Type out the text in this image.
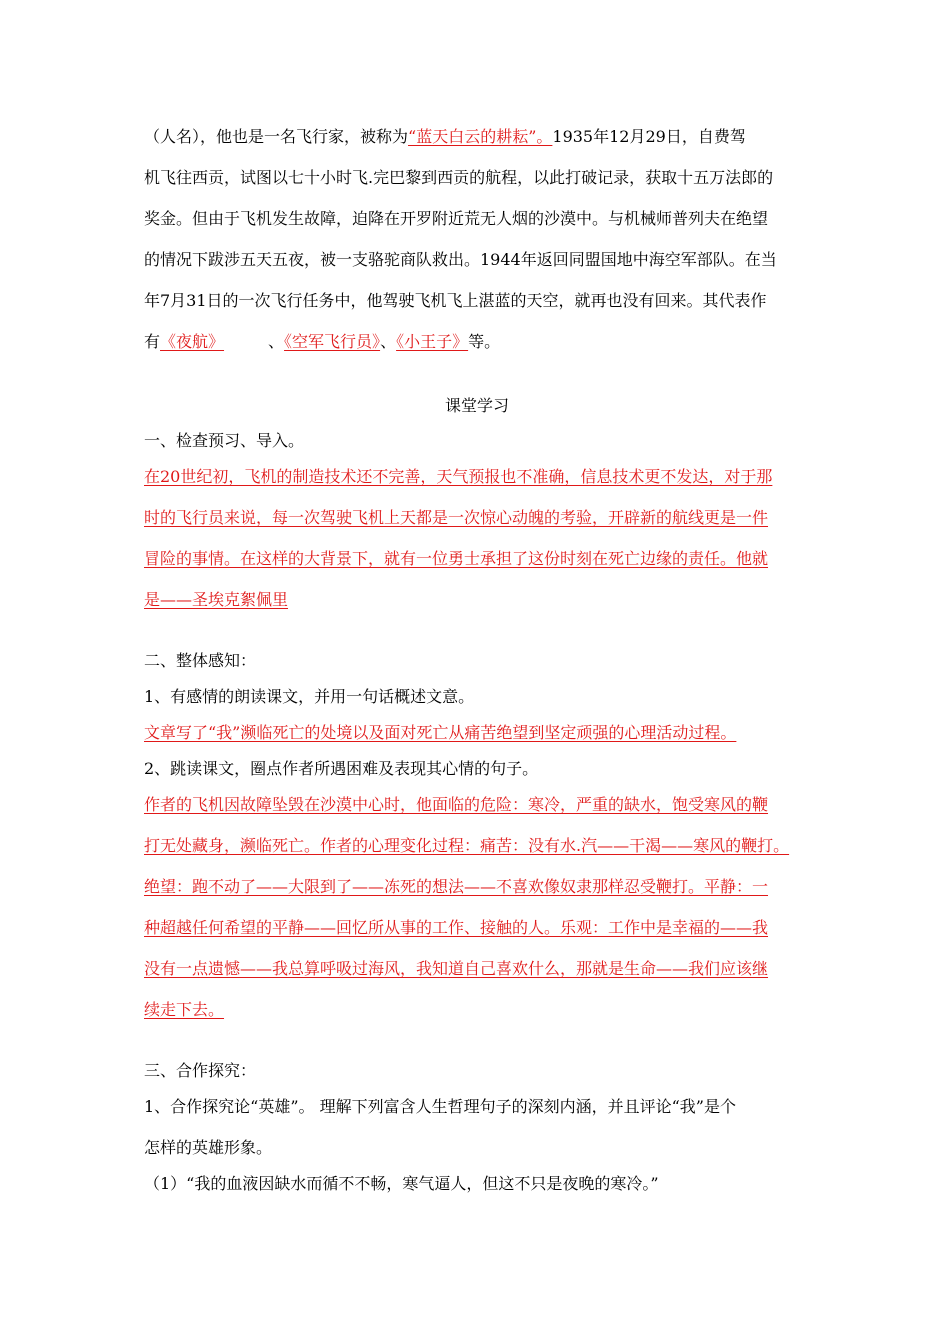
（人名），他也是一名飞行家，被称为“蓝天白云的耕耘”。1935年12月29日，自费驾
机飞往西贡，试图以七十小时飞.完巴黎到西贡的航程，以此打破记录，获取十五万法郎的
奖金。但由于飞机发生故障，迫降在开罗附近荒无人烟的沙漠中。与机械师普列夫在绝望
的情况下跋涉五天五夜，被一支骆驼商队救出。1944年返回同盟国地中海空军部队。在当
年7月31日的一次飞行任务中，他驾驶飞机飞上湛蓝的天空，就再也没有回来。其代表作
有《夜航》	、《空军飞行员》、《小王子》等。
课堂学习
一、检查预习、导入。
在20世纪初，飞机的制造技术还不完善，天气预报也不准确，信息技术更不发达，对于那
时的飞行员来说，每一次驾驶飞机上天都是一次惊心动魄的考验，开辟新的航线更是一件
冒险的事情。在这样的大背景下，就有一位勇士承担了这份时刻在死亡边缘的责任。他就
是——圣埃克絮佩里
二、整体感知：
1、有感情的朗读课文，并用一句话概述文意。
文章写了“我”濒临死亡的处境以及面对死亡从痛苦绝望到坚定顽强的心理活动过程。
2、跳读课文，圈点作者所遇困难及表现其心情的句子。
作者的飞机因故障坠毁在沙漠中心时，他面临的危险：寒冷，严重的缺水，饱受寒风的鞭
打无处藏身，濒临死亡。作者的心理变化过程：痛苦：没有水.汽——干渴——寒风的鞭打。
绝望：跑不动了——大限到了——冻死的想法——不喜欢像奴隶那样忍受鞭打。平静：一
种超越任何希望的平静——回忆所从事的工作、接触的人。乐观：工作中是幸福的——我
没有一点遗憾——我总算呼吸过海风，我知道自己喜欢什么，那就是生命——我们应该继
续走下去。
三、合作探究：
1、合作探究论“英雄”。 理解下列富含人生哲理句子的深刻内涵，并且评论“我”是个
怎样的英雄形象。
（1）“我的血液因缺水而循不不畅，寒气逼人，但这不只是夜晚的寒冷。”
